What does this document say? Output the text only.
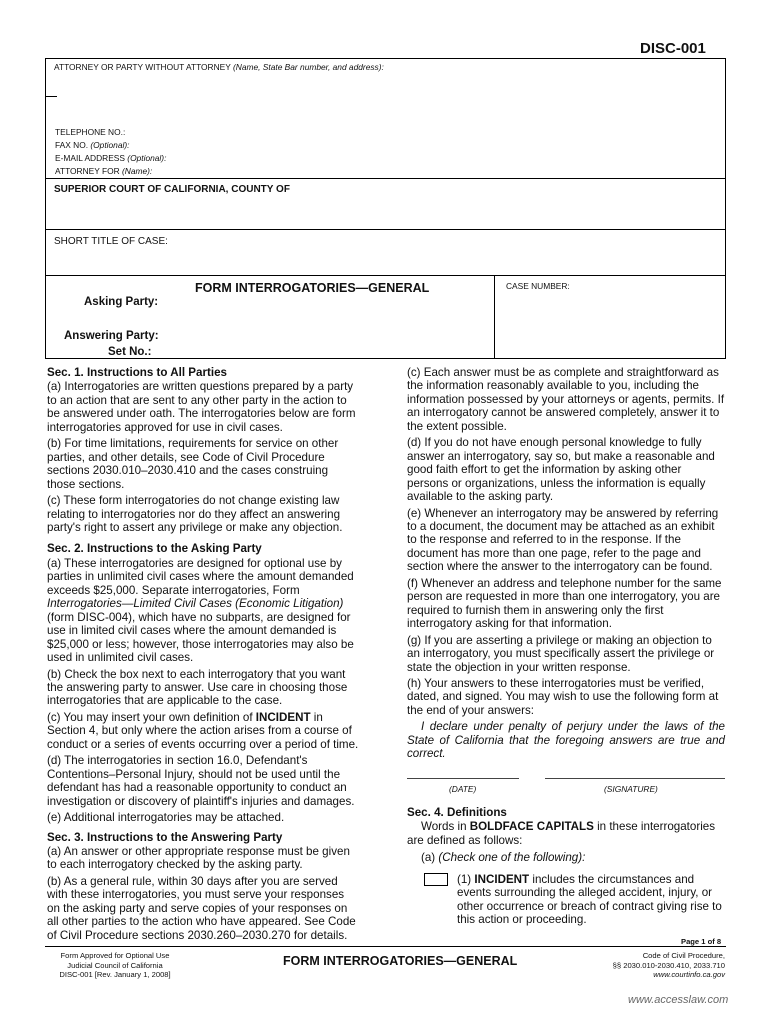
DISC-001
ATTORNEY OR PARTY WITHOUT ATTORNEY (Name, State Bar number, and address):
TELEPHONE NO.:
FAX NO. (Optional):
E-MAIL ADDRESS (Optional):
ATTORNEY FOR (Name):
SUPERIOR COURT OF CALIFORNIA, COUNTY OF
SHORT TITLE OF CASE:
FORM INTERROGATORIES—GENERAL	CASE NUMBER:
Asking Party:
Answering Party:
Set No.:
Sec. 1. Instructions to All Parties

(a) Interrogatories are written questions prepared by a party to an action that are sent to any other party in the action to be answered under oath. The interrogatories below are form interrogatories approved for use in civil cases.

(b) For time limitations, requirements for service on other parties, and other details, see Code of Civil Procedure sections 2030.010–2030.410 and the cases construing those sections.

(c) These form interrogatories do not change existing law relating to interrogatories nor do they affect an answering party's right to assert any privilege or make any objection.

Sec. 2. Instructions to the Asking Party

(a) These interrogatories are designed for optional use by parties in unlimited civil cases where the amount demanded exceeds $25,000. Separate interrogatories, Form Interrogatories—Limited Civil Cases (Economic Litigation) (form DISC-004), which have no subparts, are designed for use in limited civil cases where the amount demanded is $25,000 or less; however, those interrogatories may also be used in unlimited civil cases.

(b) Check the box next to each interrogatory that you want the answering party to answer. Use care in choosing those interrogatories that are applicable to the case.

(c) You may insert your own definition of INCIDENT in Section 4, but only where the action arises from a course of conduct or a series of events occurring over a period of time.

(d) The interrogatories in section 16.0, Defendant's Contentions–Personal Injury, should not be used until the defendant has had a reasonable opportunity to conduct an investigation or discovery of plaintiff's injuries and damages.

(e) Additional interrogatories may be attached.

Sec. 3. Instructions to the Answering Party

(a) An answer or other appropriate response must be given to each interrogatory checked by the asking party.

(b) As a general rule, within 30 days after you are served with these interrogatories, you must serve your responses on the asking party and serve copies of your responses on all other parties to the action who have appeared. See Code of Civil Procedure sections 2030.260–2030.270 for details.

(c) Each answer must be as complete and straightforward as the information reasonably available to you, including the information possessed by your attorneys or agents, permits. If an interrogatory cannot be answered completely, answer it to the extent possible.

(d) If you do not have enough personal knowledge to fully answer an interrogatory, say so, but make a reasonable and good faith effort to get the information by asking other persons or organizations, unless the information is equally available to the asking party.

(e) Whenever an interrogatory may be answered by referring to a document, the document may be attached as an exhibit to the response and referred to in the response. If the document has more than one page, refer to the page and section where the answer to the interrogatory can be found.

(f) Whenever an address and telephone number for the same person are requested in more than one interrogatory, you are required to furnish them in answering only the first interrogatory asking for that information.

(g) If you are asserting a privilege or making an objection to an interrogatory, you must specifically assert the privilege or state the objection in your written response.

(h) Your answers to these interrogatories must be verified, dated, and signed. You may wish to use the following form at the end of your answers:

I declare under penalty of perjury under the laws of the State of California that the foregoing answers are true and correct.

(DATE)	(SIGNATURE)
Sec. 4. Definitions

Words in BOLDFACE CAPITALS in these interrogatories are defined as follows:

(a) (Check one of the following):

(1) INCIDENT includes the circumstances and events surrounding the alleged accident, injury, or other occurrence or breach of contract giving rise to this action or proceeding.

Page 1 of 8
Form Approved for Optional Use
Judicial Council of California
DISC-001 [Rev. January 1, 2008]
FORM INTERROGATORIES—GENERAL	Code of Civil Procedure,
§§ 2030.010-2030.410, 2033.710
www.courtinfo.ca.gov
www.accesslaw.com
